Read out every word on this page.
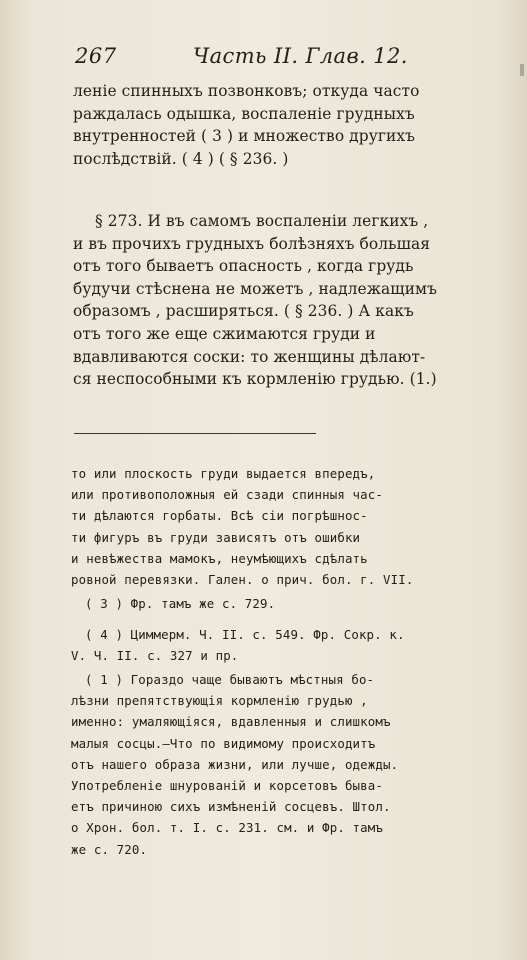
267	Часть II. Глав. 12.
леніе спинныхъ позвонковъ; откуда часто
раждалась одышка, воспаленіе грудныхъ
внутренностей ( 3 ) и множество другихъ
послѣдствій. ( 4 ) ( § 236. )
§ 273. И въ самомъ воспаленіи легкихъ ,
и въ прочихъ грудныхъ болѣзняхъ большая
отъ того бываетъ опасность , когда грудь
будучи стѣснена не можетъ , надлежащимъ
образомъ , расширяться. ( § 236. ) А какъ
отъ того же еще сжимаются груди и
вдавливаются соски: то женщины дѣлают-
ся неспособными къ кормленію грудью. (1.)
то или плоскость груди выдается впередъ,
или противоположныя ей сзади спинныя час-
ти дѣлаются горбаты. Всѣ сіи погрѣшнос-
ти фигуръ въ груди зависятъ отъ ошибки
и невѣжества мамокъ, неумѣющихъ сдѣлать
ровной перевязки. Гален. о прич. бол. г. VII.
( 3 ) Фр. тамъ же с. 729.
( 4 ) Циммерм. Ч. II. с. 549. Фр. Сокр. к.
V. Ч. II. с. 327 и пр.
( 1 ) Гораздо чаще бываютъ мѣстныя бо-
лѣзни препятствующія кормленію грудью ,
именно: умаляющіяся, вдавленныя и слишкомъ
малыя сосцы.—Что по видимому происходитъ
отъ нашего образа жизни, или лучше, одежды.
Употребленіе шнурованій и корсетовъ быва-
етъ причиною сихъ измѣненій сосцевъ. Штол.
о Хрон. бол. т. I. с. 231. см. и Фр. тамъ
же с. 720.
